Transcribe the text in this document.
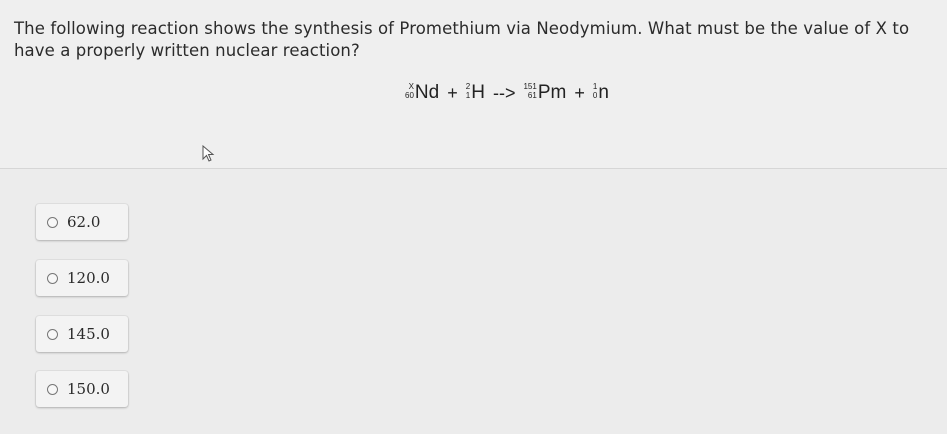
The following reaction shows the synthesis of Promethium via Neodymium. What must be the value of X to have a properly written nuclear reaction?
X
60 Nd + 2
1 H --> 151
61 Pm + 1
0 n
62.0
120.0
145.0
150.0
